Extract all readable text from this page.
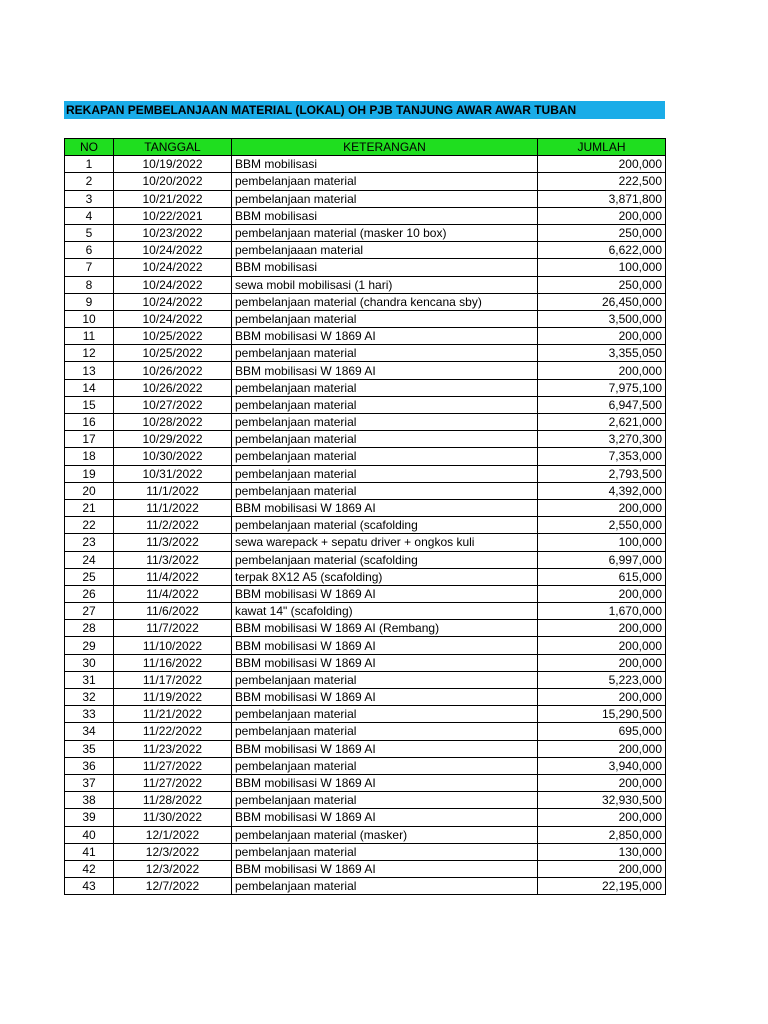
REKAPAN PEMBELANJAAN MATERIAL (LOKAL) OH PJB TANJUNG AWAR AWAR TUBAN
NO	TANGGAL	KETERANGAN	JUMLAH
1	10/19/2022	BBM mobilisasi	200,000
2	10/20/2022	pembelanjaan material	222,500
3	10/21/2022	pembelanjaan material	3,871,800
4	10/22/2021	BBM mobilisasi	200,000
5	10/23/2022	pembelanjaan material (masker 10 box)	250,000
6	10/24/2022	pembelanjaaan material	6,622,000
7	10/24/2022	BBM mobilisasi	100,000
8	10/24/2022	sewa mobil mobilisasi (1 hari)	250,000
9	10/24/2022	pembelanjaan material (chandra kencana sby)	26,450,000
10	10/24/2022	pembelanjaan material	3,500,000
11	10/25/2022	BBM mobilisasi W 1869 AI	200,000
12	10/25/2022	pembelanjaan material	3,355,050
13	10/26/2022	BBM mobilisasi W 1869 AI	200,000
14	10/26/2022	pembelanjaan material	7,975,100
15	10/27/2022	pembelanjaan material	6,947,500
16	10/28/2022	pembelanjaan material	2,621,000
17	10/29/2022	pembelanjaan material	3,270,300
18	10/30/2022	pembelanjaan material	7,353,000
19	10/31/2022	pembelanjaan material	2,793,500
20	11/1/2022	pembelanjaan material	4,392,000
21	11/1/2022	BBM mobilisasi W 1869 AI	200,000
22	11/2/2022	pembelanjaan material (scafolding	2,550,000
23	11/3/2022	sewa warepack + sepatu driver + ongkos kuli	100,000
24	11/3/2022	pembelanjaan material (scafolding	6,997,000
25	11/4/2022	terpak 8X12 A5 (scafolding)	615,000
26	11/4/2022	BBM mobilisasi W 1869 AI	200,000
27	11/6/2022	kawat 14" (scafolding)	1,670,000
28	11/7/2022	BBM mobilisasi W 1869 AI (Rembang)	200,000
29	11/10/2022	BBM mobilisasi W 1869 AI	200,000
30	11/16/2022	BBM mobilisasi W 1869 AI	200,000
31	11/17/2022	pembelanjaan material	5,223,000
32	11/19/2022	BBM mobilisasi W 1869 AI	200,000
33	11/21/2022	pembelanjaan material	15,290,500
34	11/22/2022	pembelanjaan material	695,000
35	11/23/2022	BBM mobilisasi W 1869 AI	200,000
36	11/27/2022	pembelanjaan material	3,940,000
37	11/27/2022	BBM mobilisasi W 1869 AI	200,000
38	11/28/2022	pembelanjaan material	32,930,500
39	11/30/2022	BBM mobilisasi W 1869 AI	200,000
40	12/1/2022	pembelanjaan material (masker)	2,850,000
41	12/3/2022	pembelanjaan material	130,000
42	12/3/2022	BBM mobilisasi W 1869 AI	200,000
43	12/7/2022	pembelanjaan material	22,195,000
